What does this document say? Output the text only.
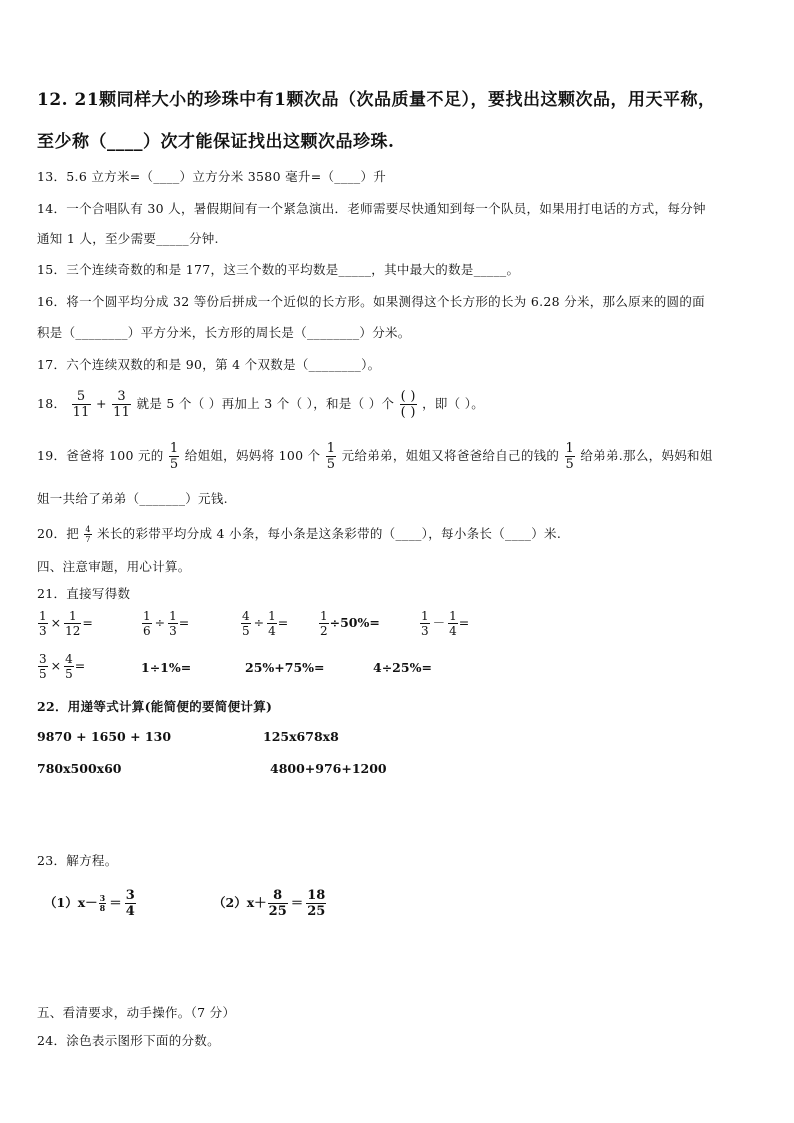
12. 21颗同样大小的珍珠中有1颗次品（次品质量不足），要找出这颗次品，用天平称，
至少称（____）次才能保证找出这颗次品珍珠.
13．5.6 立方米=（____）立方分米 3580 毫升=（____）升
14．一个合唱队有 30 人，暑假期间有一个紧急演出．老师需要尽快通知到每一个队员，如果用打电话的方式，每分钟
通知 1 人，至少需要_____分钟.
15．三个连续奇数的和是 177，这三个数的平均数是_____，其中最大的数是_____。
16．将一个圆平均分成 32 等份后拼成一个近似的长方形。如果测得这个长方形的长为 6.28 分米，那么原来的圆的面
积是（________）平方分米，长方形的周长是（________）分米。
17．六个连续双数的和是 90，第 4 个双数是（________）。
18． $\frac{5}{11} + \frac{3}{11}$ 就是 5 个（ ）再加上 3 个（ ），和是（ ）个 $\frac{( )}{( )}$ ，即（ ）。
19．爸爸将 100 元的 $\frac{1}{5}$ 给姐姐，妈妈将 100 个 $\frac{1}{5}$ 元给弟弟，姐姐又将爸爸给自己的钱的 $\frac{1}{5}$ 给弟弟.那么，妈妈和姐
姐一共给了弟弟（_______）元钱.
20．把 $\frac{4}{7}$ 米长的彩带平均分成 4 小条，每小条是这条彩带的（____），每小条长（____）米.
四、注意审题，用心计算。
21．直接写得数
$\frac{1}{3} \times \frac{1}{12}$ =	$\frac{1}{6} \div \frac{1}{3}$ =	$\frac{4}{5} \div \frac{1}{4}$ =	$\frac{1}{2} \div 50\%=$	$\frac{1}{3} - \frac{1}{4}$ =
$\frac{3}{5} \times \frac{4}{5}$ =	1÷1%=	25%+75%=	4÷25%=
22．用递等式计算(能简便的要简便计算)
9870 + 1650 + 130	125x678x8
780x500x60	4800+976+1200
23．解方程。
$(1)x- \frac{3}{8} = \frac{3}{4}$	$(2)x+ \frac{8}{25} = \frac{18}{25}$
五、看清要求，动手操作。（7 分）
24．涂色表示图形下面的分数。
